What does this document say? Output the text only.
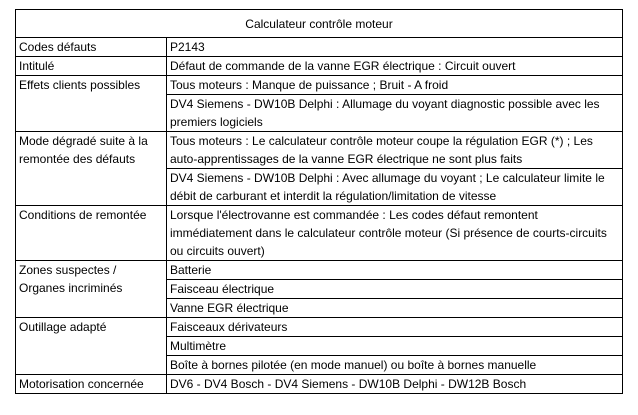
Calculateur contrôle moteur	
Codes défauts	P2143
Intitulé	Défaut de commande de la vanne EGR électrique : Circuit ouvert
Effets clients possibles	Tous moteurs : Manque de puissance ; Bruit - A froid
	DV4 Siemens - DW10B Delphi : Allumage du voyant diagnostic possible avec les premiers logiciels
Mode dégradé suite à la remontée des défauts	Tous moteurs : Le calculateur contrôle moteur coupe la régulation EGR (*) ; Les auto-apprentissages de la vanne EGR électrique ne sont plus faits
	DV4 Siemens - DW10B Delphi : Avec allumage du voyant ; Le calculateur limite le débit de carburant et interdit la régulation/limitation de vitesse
Conditions de remontée	Lorsque l'électrovanne est commandée : Les codes défaut remontent immédiatement dans le calculateur contrôle moteur (Si présence de courts-circuits ou circuits ouvert)
Zones suspectes / Organes incriminés	Batterie
	Faisceau électrique
	Vanne EGR électrique
Outillage adapté	Faisceaux dérivateurs
	Multimètre
	Boîte à bornes pilotée (en mode manuel) ou boîte à bornes manuelle
Motorisation concernée	DV6 - DV4 Bosch - DV4 Siemens - DW10B Delphi - DW12B Bosch
